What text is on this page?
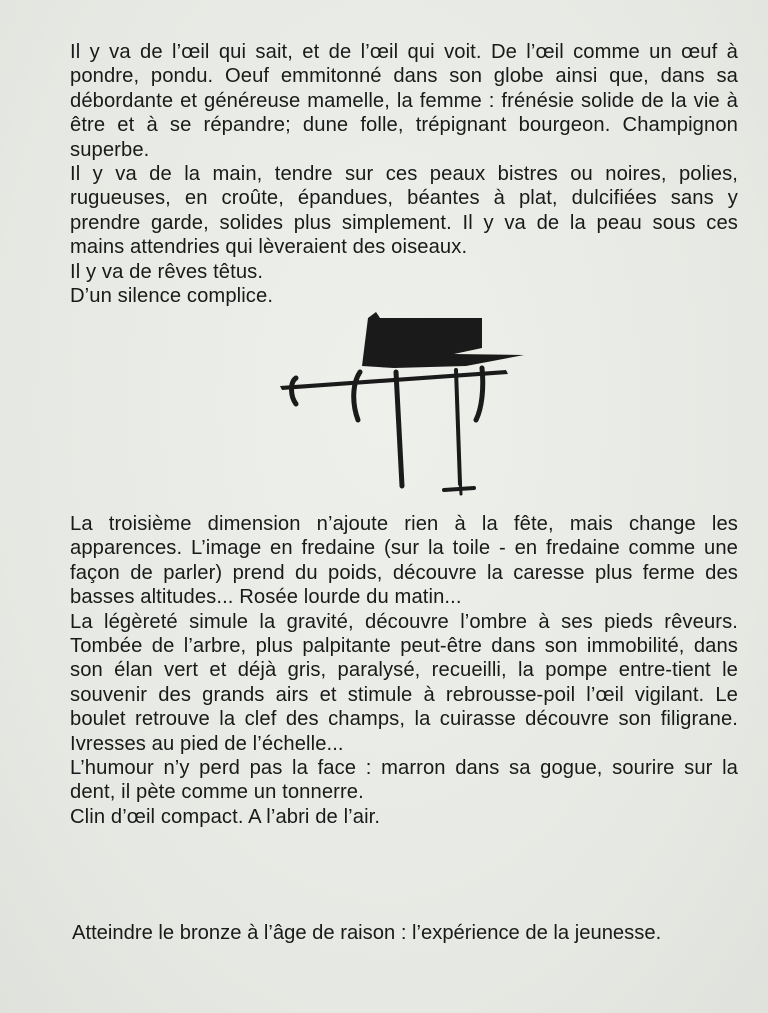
Il y va de l’œil qui sait, et de l’œil qui voit. De l’œil comme un œuf à pondre, pondu. Oeuf emmitonné dans son globe ainsi que, dans sa débordante et généreuse mamelle, la femme : frénésie solide de la vie à être et à se répandre; dune folle, trépignant bourgeon. Champignon superbe.

Il y va de la main, tendre sur ces peaux bistres ou noires, polies, rugueuses, en croûte, épandues, béantes à plat, dulcifiées sans y prendre garde, solides plus simplement. Il y va de la peau sous ces mains attendries qui lèveraient des oiseaux.

Il y va de rêves têtus.

D’un silence complice.

La troisième dimension n’ajoute rien à la fête, mais change les apparences. L’image en fredaine (sur la toile - en fredaine comme une façon de parler) prend du poids, découvre la caresse plus ferme des basses altitudes... Rosée lourde du matin...

La légèreté simule la gravité, découvre l’ombre à ses pieds rêveurs. Tombée de l’arbre, plus palpitante peut-être dans son immobilité, dans son élan vert et déjà gris, paralysé, recueilli, la pompe entre-tient le souvenir des grands airs et stimule à rebrousse-poil l’œil vigilant. Le boulet retrouve la clef des champs, la cuirasse découvre son filigrane. Ivresses au pied de l’échelle...

L’humour n’y perd pas la face : marron dans sa gogue, sourire sur la dent, il pète comme un tonnerre.

Clin d’œil compact. A l’abri de l’air.

Atteindre le bronze à l’âge de raison : l’expérience de la jeunesse.
